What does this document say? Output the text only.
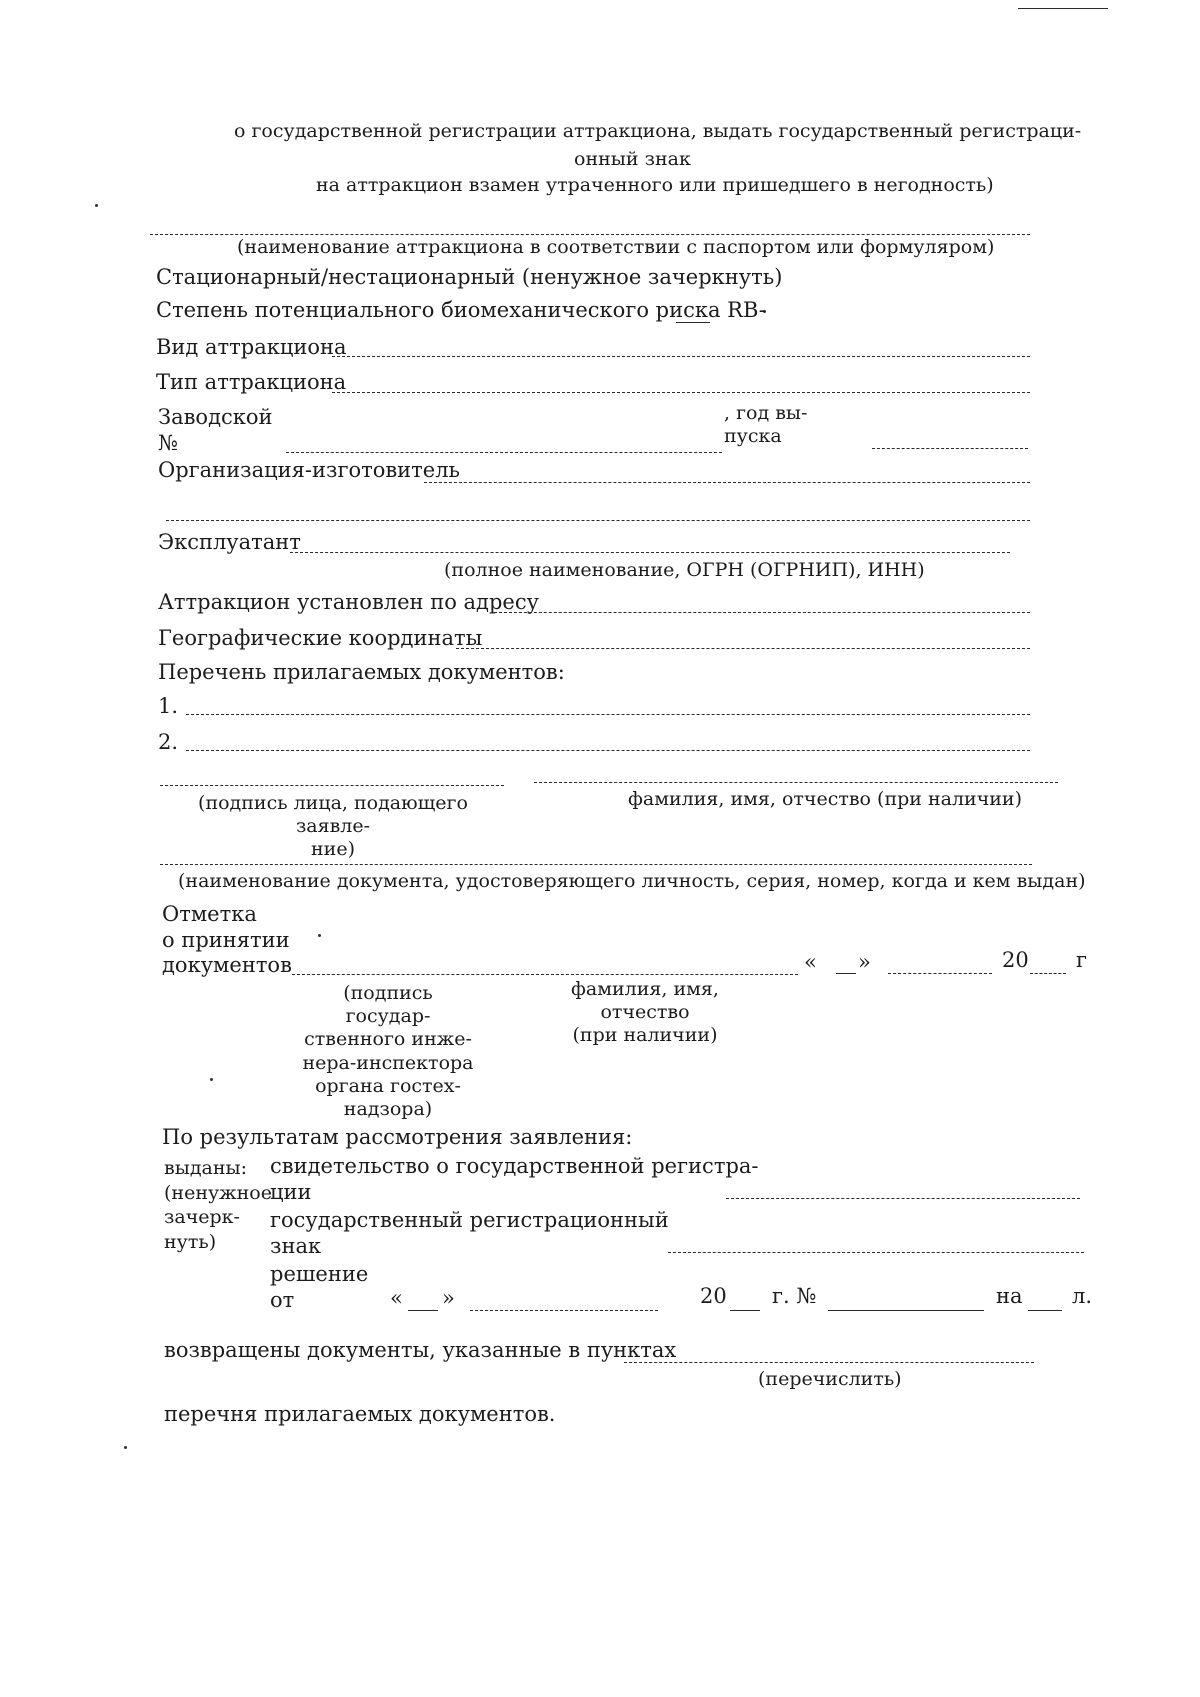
о государственной регистрации аттракциона, выдать государственный регистраци-
онный знак
на аттракцион взамен утраченного или пришедшего в негодность)
(наименование аттракциона в соответствии с паспортом или формуляром)
Стационарный/нестационарный (ненужное зачеркнуть)
Степень потенциального биомеханического риска RB-
Вид аттракциона
Тип аттракциона
Заводской
№
, год вы-
пуска
Организация-изготовитель
Эксплуатант
(полное наименование, ОГРН (ОГРНИП), ИНН)
Аттракцион установлен по адресу
Географические координаты
Перечень прилагаемых документов:
1.
2.
(подпись лица, подающего заявле-
ние)
фамилия, имя, отчество (при наличии)
(наименование документа, удостоверяющего личность, серия, номер, когда и кем выдан)
Отметка
о принятии
документов	« »	20 г
(подпись государ-
ственного инже-
нера-инспектора
органа гостех-
надзора)
фамилия, имя, отчество
(при наличии)
По результатам рассмотрения заявления:
выданы:
(ненужное
зачерк-
нуть)
свидетельство о государственной регистра-
ции
государственный регистрационный
знак
решение
от	« »	20 г. №	на л.
возвращены документы, указанные в пунктах
(перечислить)
перечня прилагаемых документов.
